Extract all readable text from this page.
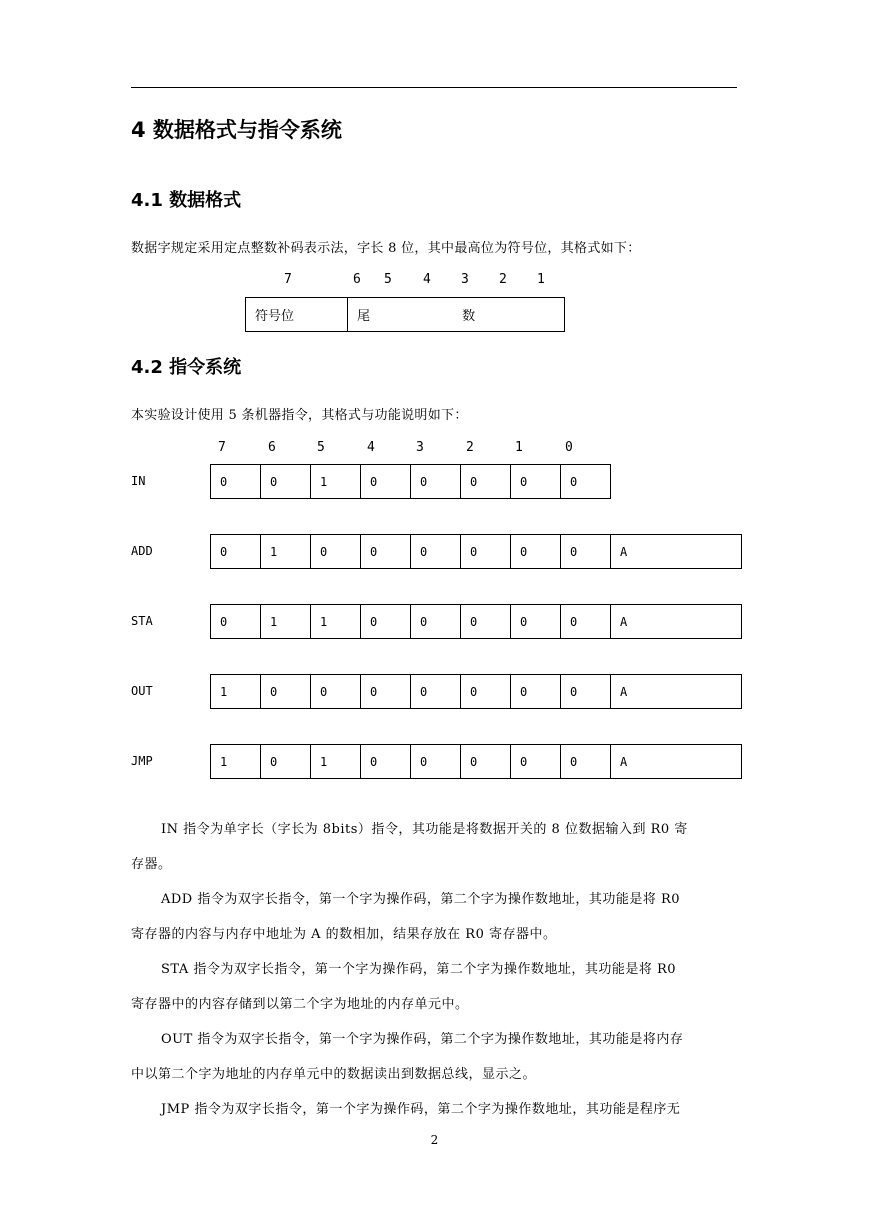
4 数据格式与指令系统
4.1 数据格式
数据字规定采用定点整数补码表示法，字长 8 位，其中最高位为符号位，其格式如下：
7	6 5 4 3 2 1
符号位	尾	数
4.2 指令系统
本实验设计使用 5 条机器指令，其格式与功能说明如下：
7	6	5	4	3	2	1	0
IN	0	0	1	0	0	0	0	0
ADD	0	1	0	0	0	0	0	0	A
STA	0	1	1	0	0	0	0	0	A
OUT	1	0	0	0	0	0	0	0	A
JMP	1	0	1	0	0	0	0	0	A
IN 指令为单字长（字长为 8bits）指令，其功能是将数据开关的 8 位数据输入到 R0 寄
存器。
ADD 指令为双字长指令，第一个字为操作码，第二个字为操作数地址，其功能是将 R0
寄存器的内容与内存中地址为 A 的数相加，结果存放在 R0 寄存器中。
STA 指令为双字长指令，第一个字为操作码，第二个字为操作数地址，其功能是将 R0
寄存器中的内容存储到以第二个字为地址的内存单元中。
OUT 指令为双字长指令，第一个字为操作码，第二个字为操作数地址，其功能是将内存
中以第二个字为地址的内存单元中的数据读出到数据总线，显示之。
JMP 指令为双字长指令，第一个字为操作码，第二个字为操作数地址，其功能是程序无
2
